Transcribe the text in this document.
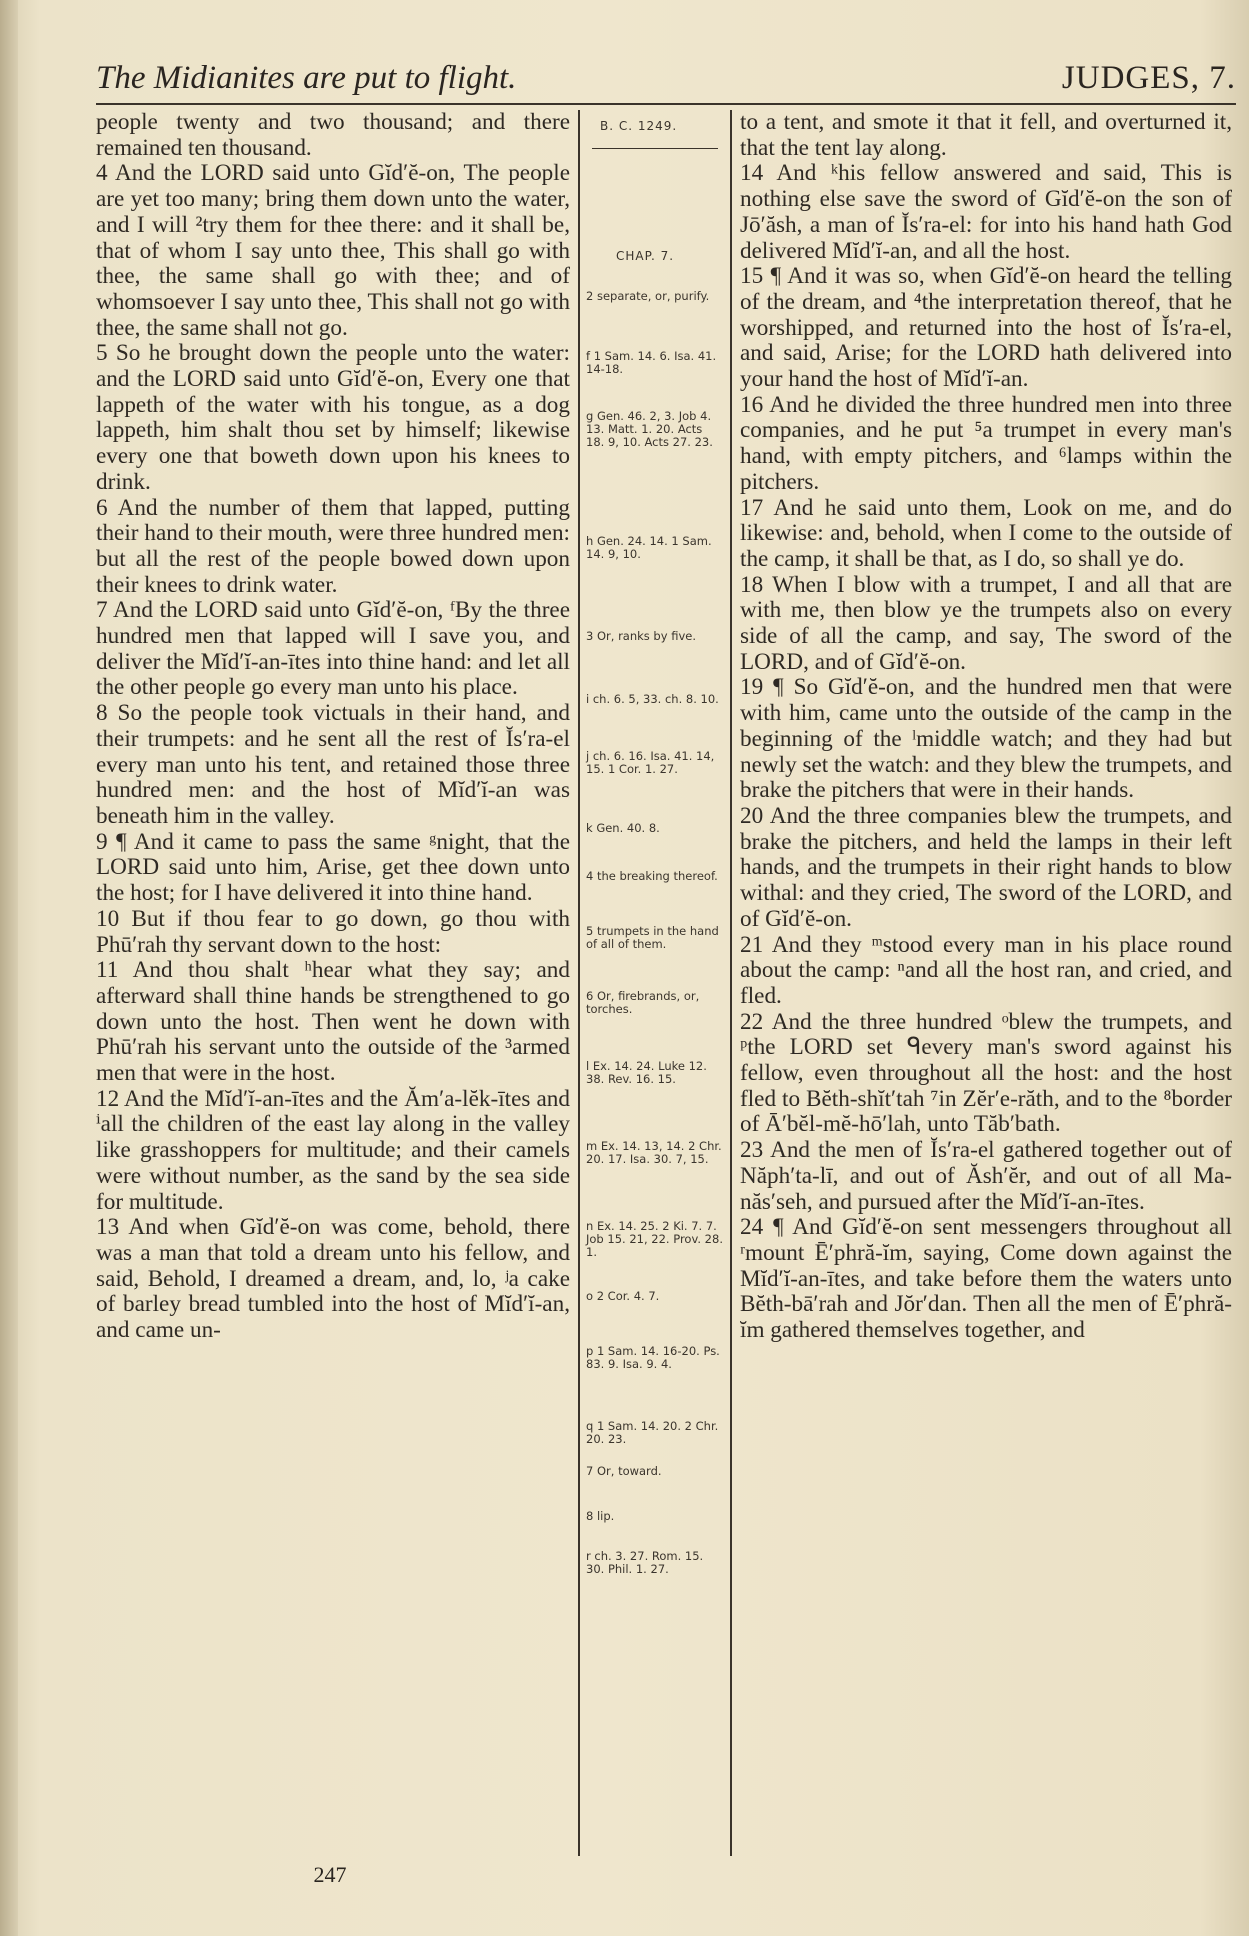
The Midianites are put to flight.	JUDGES, 7.

people twenty and two thousand; and there remained ten thousand.

4 And the LORD said unto Gĭd′ĕ-on, The people are yet too many; bring them down unto the water, and I will ²try them for thee there: and it shall be, that of whom I say unto thee, This shall go with thee, the same shall go with thee; and of whomsoever I say unto thee, This shall not go with thee, the same shall not go.

5 So he brought down the people unto the water: and the LORD said unto Gĭd′ĕ-on, Every one that lappeth of the water with his tongue, as a dog lappeth, him shalt thou set by himself; likewise every one that boweth down upon his knees to drink.

6 And the number of them that lapped, putting their hand to their mouth, were three hundred men: but all the rest of the people bowed down upon their knees to drink water.

7 And the LORD said unto Gĭd′ĕ-on, ᶠBy the three hundred men that lapped will I save you, and deliver the Mĭd′ĭ-an-ītes into thine hand: and let all the other people go every man unto his place.

8 So the people took victuals in their hand, and their trumpets: and he sent all the rest of Ĭs′ra-el every man unto his tent, and retained those three hundred men: and the host of Mĭd′ĭ-an was beneath him in the valley.

9 ¶ And it came to pass the same ᵍnight, that the LORD said unto him, Arise, get thee down unto the host; for I have delivered it into thine hand.

10 But if thou fear to go down, go thou with Phū′rah thy servant down to the host:

11 And thou shalt ʰhear what they say; and afterward shall thine hands be strengthened to go down unto the host. Then went he down with Phū′rah his servant unto the outside of the ³armed men that were in the host.

12 And the Mĭd′ĭ-an-ītes and the Ăm′a-lĕk-ītes and ⁱall the children of the east lay along in the valley like grasshoppers for multitude; and their camels were without number, as the sand by the sea side for multitude.

13 And when Gĭd′ĕ-on was come, behold, there was a man that told a dream unto his fellow, and said, Behold, I dreamed a dream, and, lo, ʲa cake of barley bread tumbled into the host of Mĭd′ĭ-an, and came un-

B. C. 1249.
CHAP. 7.
2 separate, or, purify.
f 1 Sam. 14. 6. Isa. 41. 14-18.
g Gen. 46. 2, 3. Job 4. 13. Matt. 1. 20. Acts 18. 9, 10. Acts 27. 23.
h Gen. 24. 14. 1 Sam. 14. 9, 10.
3 Or, ranks by five.
i ch. 6. 5, 33. ch. 8. 10.
j ch. 6. 16. Isa. 41. 14, 15. 1 Cor. 1. 27.
k Gen. 40. 8.
4 the breaking thereof.
5 trumpets in the hand of all of them.
6 Or, firebrands, or, torches.
l Ex. 14. 24. Luke 12. 38. Rev. 16. 15.
m Ex. 14. 13, 14. 2 Chr. 20. 17. Isa. 30. 7, 15.
n Ex. 14. 25. 2 Ki. 7. 7. Job 15. 21, 22. Prov. 28. 1.
o 2 Cor. 4. 7.
p 1 Sam. 14. 16-20. Ps. 83. 9. Isa. 9. 4.
q 1 Sam. 14. 20. 2 Chr. 20. 23.
7 Or, toward.
8 lip.
r ch. 3. 27. Rom. 15. 30. Phil. 1. 27.

to a tent, and smote it that it fell, and overturned it, that the tent lay along.

14 And ᵏhis fellow answered and said, This is nothing else save the sword of Gĭd′ĕ-on the son of Jō′ăsh, a man of Ĭs′ra-el: for into his hand hath God delivered Mĭd′ĭ-an, and all the host.

15 ¶ And it was so, when Gĭd′ĕ-on heard the telling of the dream, and ⁴the interpretation thereof, that he worshipped, and returned into the host of Ĭs′ra-el, and said, Arise; for the LORD hath delivered into your hand the host of Mĭd′ĭ-an.

16 And he divided the three hundred men into three companies, and he put ⁵a trumpet in every man's hand, with empty pitchers, and ⁶lamps within the pitchers.

17 And he said unto them, Look on me, and do likewise: and, behold, when I come to the outside of the camp, it shall be that, as I do, so shall ye do.

18 When I blow with a trumpet, I and all that are with me, then blow ye the trumpets also on every side of all the camp, and say, The sword of the LORD, and of Gĭd′ĕ-on.

19 ¶ So Gĭd′ĕ-on, and the hundred men that were with him, came unto the outside of the camp in the beginning of the ˡmiddle watch; and they had but newly set the watch: and they blew the trumpets, and brake the pitchers that were in their hands.

20 And the three companies blew the trumpets, and brake the pitchers, and held the lamps in their left hands, and the trumpets in their right hands to blow withal: and they cried, The sword of the LORD, and of Gĭd′ĕ-on.

21 And they ᵐstood every man in his place round about the camp: ⁿand all the host ran, and cried, and fled.

22 And the three hundred ᵒblew the trumpets, and ᵖthe LORD set ᑫevery man's sword against his fellow, even throughout all the host: and the host fled to Bĕth-shĭt′tah ⁷in Zĕr′e-răth, and to the ⁸border of Ā′bĕl-mĕ-hō′lah, unto Tăb′bath.

23 And the men of Ĭs′ra-el gathered together out of Năph′ta-lī, and out of Ăsh′ĕr, and out of all Ma-năs′seh, and pursued after the Mĭd′ĭ-an-ītes.

24 ¶ And Gĭd′ĕ-on sent messengers throughout all ʳmount Ē′phră-ĭm, saying, Come down against the Mĭd′ĭ-an-ītes, and take before them the waters unto Bĕth-bā′rah and Jŏr′dan. Then all the men of Ē′phră-ĭm gathered themselves together, and

247
